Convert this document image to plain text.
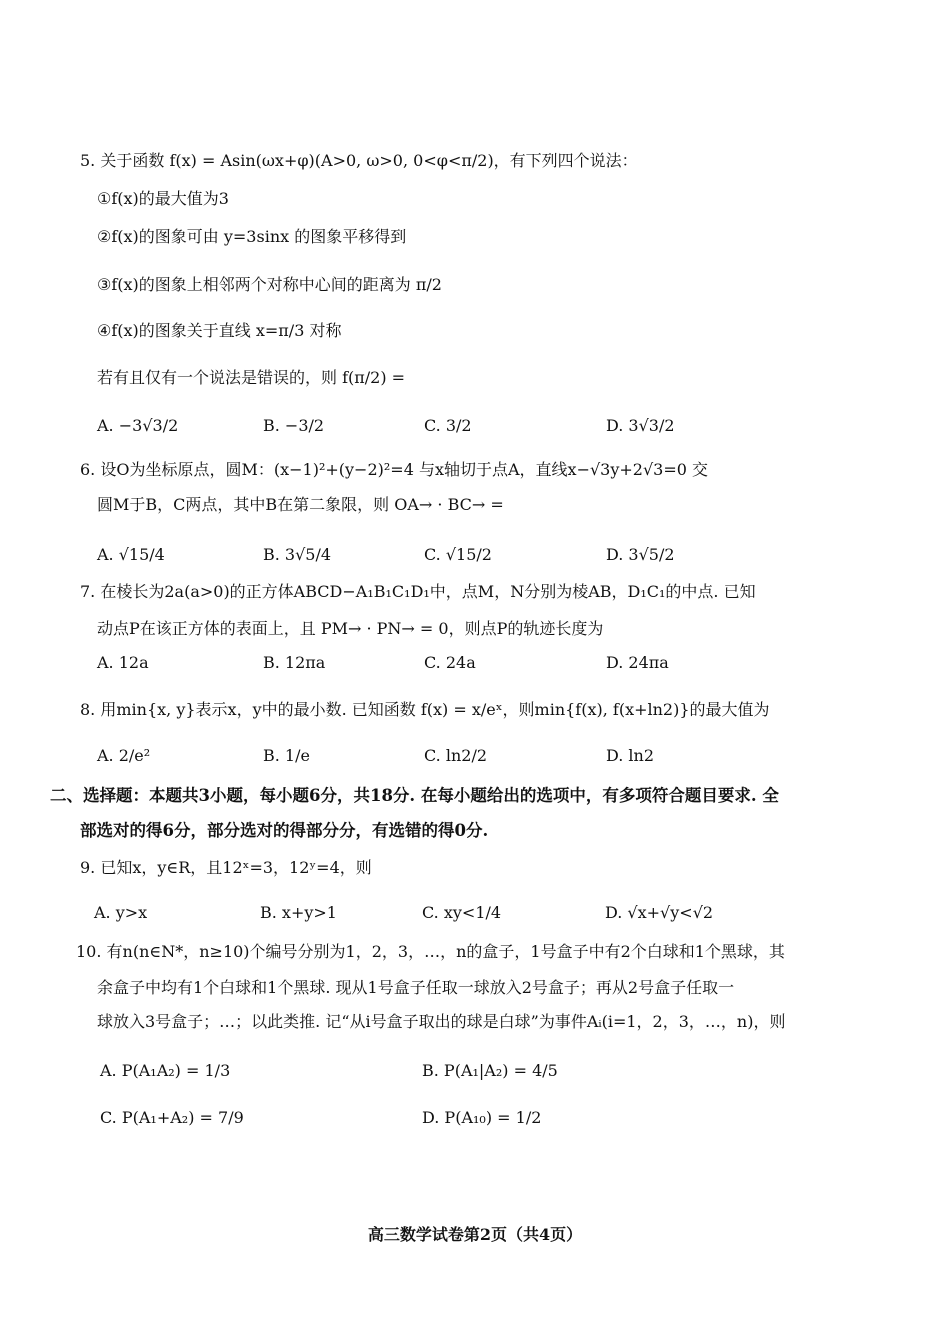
5. 关于函数 f(x) = Asin(ωx+φ)(A>0, ω>0, 0<φ<π/2)，有下列四个说法：
①f(x)的最大值为3
②f(x)的图象可由 y=3sinx 的图象平移得到
③f(x)的图象上相邻两个对称中心间的距离为 π/2
④f(x)的图象关于直线 x=π/3 对称
若有且仅有一个说法是错误的，则 f(π/2) =
A. −3√3/2	B. −3/2	C. 3/2	D. 3√3/2
6. 设O为坐标原点，圆M：(x−1)²+(y−2)²=4 与x轴切于点A，直线x−√3y+2√3=0 交
圆M于B，C两点，其中B在第二象限，则 OA→ · BC→ =
A. √15/4	B. 3√5/4	C. √15/2	D. 3√5/2
7. 在棱长为2a(a>0)的正方体ABCD−A₁B₁C₁D₁中，点M，N分别为棱AB，D₁C₁的中点. 已知
动点P在该正方体的表面上，且 PM→ · PN→ = 0，则点P的轨迹长度为
A. 12a	B. 12πa	C. 24a	D. 24πa
8. 用min{x, y}表示x，y中的最小数. 已知函数 f(x) = x/eˣ，则min{f(x), f(x+ln2)}的最大值为
A. 2/e²	B. 1/e	C. ln2/2	D. ln2
二、选择题：本题共3小题，每小题6分，共18分. 在每小题给出的选项中，有多项符合题目要求. 全
部选对的得6分，部分选对的得部分分，有选错的得0分.
9. 已知x，y∈R，且12ˣ=3，12ʸ=4，则
A. y>x	B. x+y>1	C. xy<1/4	D. √x+√y<√2
10. 有n(n∈N*，n≥10)个编号分别为1，2，3，…，n的盒子，1号盒子中有2个白球和1个黑球，其
余盒子中均有1个白球和1个黑球. 现从1号盒子任取一球放入2号盒子；再从2号盒子任取一
球放入3号盒子；…；以此类推. 记“从i号盒子取出的球是白球”为事件Aᵢ(i=1，2，3，…，n)，则
A. P(A₁A₂) = 1/3	B. P(A₁|A₂) = 4/5
C. P(A₁+A₂) = 7/9	D. P(A₁₀) = 1/2
高三数学试卷第2页（共4页）
